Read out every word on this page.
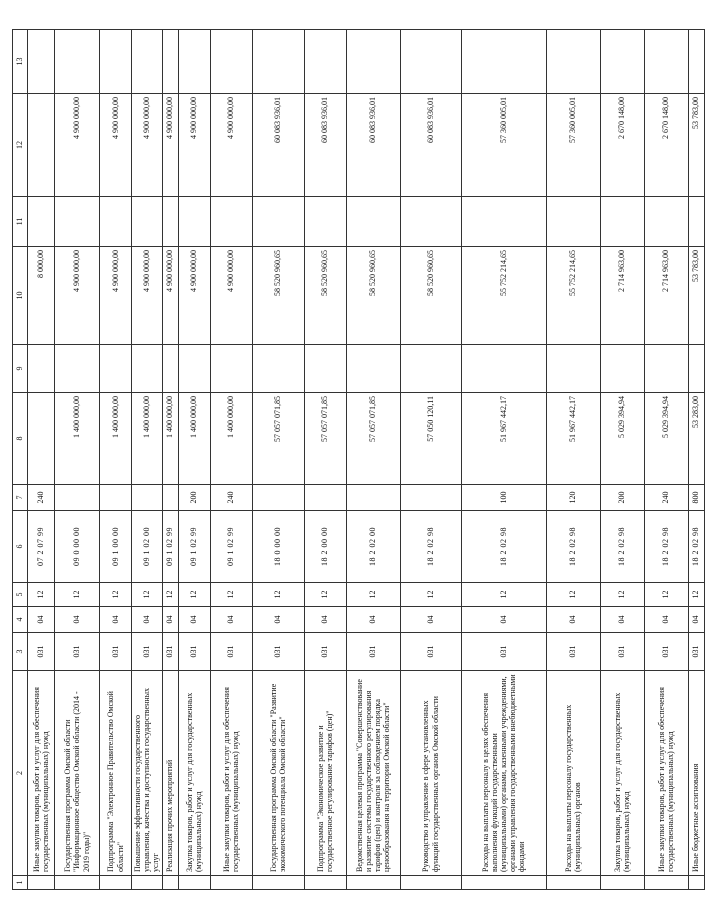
1	2	3	4	5	6	7	8	9	10	11	12	13
	Иные закупки товаров, работ и услуг для обеспечения государственных (муниципальных) нужд	031	04	12	07 2 07 99	240			8 000,00			
	Государственная программа Омской области "Информационное общество Омской области (2014 - 2019 годы)"	031	04	12	09 0 00 00		1 400 000,00		4 900 000,00		4 900 000,00	
	Подпрограмма "Электронное Правительство Омской области"	031	04	12	09 1 00 00		1 400 000,00		4 900 000,00		4 900 000,00	
	Повышение эффективности государственного управления, качества и доступности государственных услуг	031	04	12	09 1 02 00		1 400 000,00		4 900 000,00		4 900 000,00	
	Реализация прочих мероприятий	031	04	12	09 1 02 99		1 400 000,00		4 900 000,00		4 900 000,00	
	Закупка товаров, работ и услуг для государственных (муниципальных) нужд	031	04	12	09 1 02 99	200	1 400 000,00		4 900 000,00		4 900 000,00	
	Иные закупки товаров, работ и услуг для обеспечения государственных (муниципальных) нужд	031	04	12	09 1 02 99	240	1 400 000,00		4 900 000,00		4 900 000,00	
	Государственная программа Омской области "Развитие экономического потенциала Омской области"	031	04	12	18 0 00 00		57 057 071,85		58 520 960,65		60 083 936,01	
	Подпрограмма "Экономическое развитие и государственное регулирование тарифов (цен)"	031	04	12	18 2 00 00		57 057 071,85		58 520 960,65		60 083 936,01	
	Ведомственная целевая программа "Совершенствование и развитие системы государственного регулирования тарифов (цен) и контроля за соблюдением порядка ценообразования на территории Омской области"	031	04	12	18 2 02 00		57 057 071,85		58 520 960,65		60 083 936,01	
	Руководство и управление в сфере установленных функций государственных органов Омской области	031	04	12	18 2 02 98		57 050 120,11		58 520 960,65		60 083 936,01	
	Расходы на выплаты персоналу в целях обеспечения выполнения функций государственными (муниципальными) органами, казенными учреждениями, органами управления государственными внебюджетными фондами	031	04	12	18 2 02 98	100	51 967 442,17		55 752 214,65		57 360 005,01	
	Расходы на выплаты персоналу государственных (муниципальных) органов	031	04	12	18 2 02 98	120	51 967 442,17		55 752 214,65		57 360 005,01	
	Закупка товаров, работ и услуг для государственных (муниципальных) нужд	031	04	12	18 2 02 98	200	5 029 394,94		2 714 963,00		2 670 148,00	
	Иные закупки товаров, работ и услуг для обеспечения государственных (муниципальных) нужд	031	04	12	18 2 02 98	240	5 029 394,94		2 714 963,00		2 670 148,00	
	Иные бюджетные ассигнования	031	04	12	18 2 02 98	800	53 283,00		53 783,00		53 783,00	
